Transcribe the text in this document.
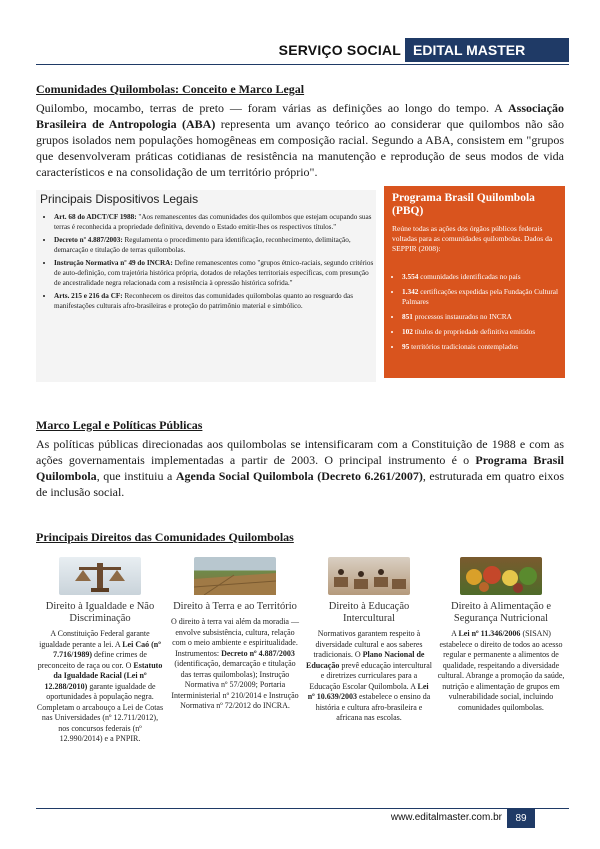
SERVIÇO SOCIAL EDITAL MASTER
Comunidades Quilombolas: Conceito e Marco Legal
Quilombo, mocambo, terras de preto — foram várias as definições ao longo do tempo. A Associação Brasileira de Antropologia (ABA) representa um avanço teórico ao considerar que quilombos não são grupos isolados nem populações homogêneas em composição racial. Segundo a ABA, consistem em "grupos que desenvolveram práticas cotidianas de resistência na manutenção e reprodução de seus modos de vida característicos e na consolidação de um território próprio".
Principais Dispositivos Legais
• Art. 68 do ADCT/CF 1988: "Aos remanescentes das comunidades dos quilombos que estejam ocupando suas terras é reconhecida a propriedade definitiva, devendo o Estado emitir-lhes os respectivos títulos."
• Decreto nº 4.887/2003: Regulamenta o procedimento para identificação, reconhecimento, delimitação, demarcação e titulação de terras quilombolas.
• Instrução Normativa nº 49 do INCRA: Define remanescentes como "grupos étnico-raciais, segundo critérios de auto-definição, com trajetória histórica própria, dotados de relações territoriais específicas, com presunção de ancestralidade negra relacionada com a resistência à opressão histórica sofrida."
• Arts. 215 e 216 da CF: Reconhecem os direitos das comunidades quilombolas quanto ao resguardo das manifestações culturais afro-brasileiras e proteção do patrimônio material e simbólico.
Programa Brasil Quilombola (PBQ)

Reúne todas as ações dos órgãos públicos federais voltadas para as comunidades quilombolas. Dados da SEPPIR (2008):

• 3.554 comunidades identificadas no país
• 1.342 certificações expedidas pela Fundação Cultural Palmares
• 851 processos instaurados no INCRA
• 102 títulos de propriedade definitiva emitidos
• 95 territórios tradicionais contemplados
Marco Legal e Políticas Públicas
As políticas públicas direcionadas aos quilombolas se intensificaram com a Constituição de 1988 e com as ações governamentais implementadas a partir de 2003. O principal instrumento é o Programa Brasil Quilombola, que instituiu a Agenda Social Quilombola (Decreto 6.261/2007), estruturada em quatro eixos de inclusão social.
Principais Direitos das Comunidades Quilombolas
Direito à Igualdade e Não Discriminação

A Constituição Federal garante igualdade perante a lei. A Lei Caó (nº 7.716/1989) define crimes de preconceito de raça ou cor. O Estatuto da Igualdade Racial (Lei nº 12.288/2010) garante igualdade de oportunidades à população negra. Completam o arcabouço a Lei de Cotas nas Universidades (nº 12.711/2012), nos concursos federais (nº 12.990/2014) e a PNPIR.

Direito à Terra e ao Território

O direito à terra vai além da moradia — envolve subsistência, cultura, relação com o meio ambiente e espiritualidade. Instrumentos: Decreto nº 4.887/2003 (identificação, demarcação e titulação das terras quilombolas); Instrução Normativa nº 57/2009; Portaria Interministerial nº 210/2014 e Instrução Normativa nº 72/2012 do INCRA.

Direito à Educação Intercultural

Normativos garantem respeito à diversidade cultural e aos saberes tradicionais. O Plano Nacional de Educação prevê educação intercultural e diretrizes curriculares para a Educação Escolar Quilombola. A Lei nº 10.639/2003 estabelece o ensino da história e cultura afro-brasileira e africana nas escolas.

Direito à Alimentação e Segurança Nutricional

A Lei nº 11.346/2006 (SISAN) estabelece o direito de todos ao acesso regular e permanente a alimentos de qualidade, respeitando a diversidade cultural. Abrange a promoção da saúde, nutrição e alimentação de grupos em vulnerabilidade social, incluindo comunidades quilombolas.

www.editalmaster.com.br	89
